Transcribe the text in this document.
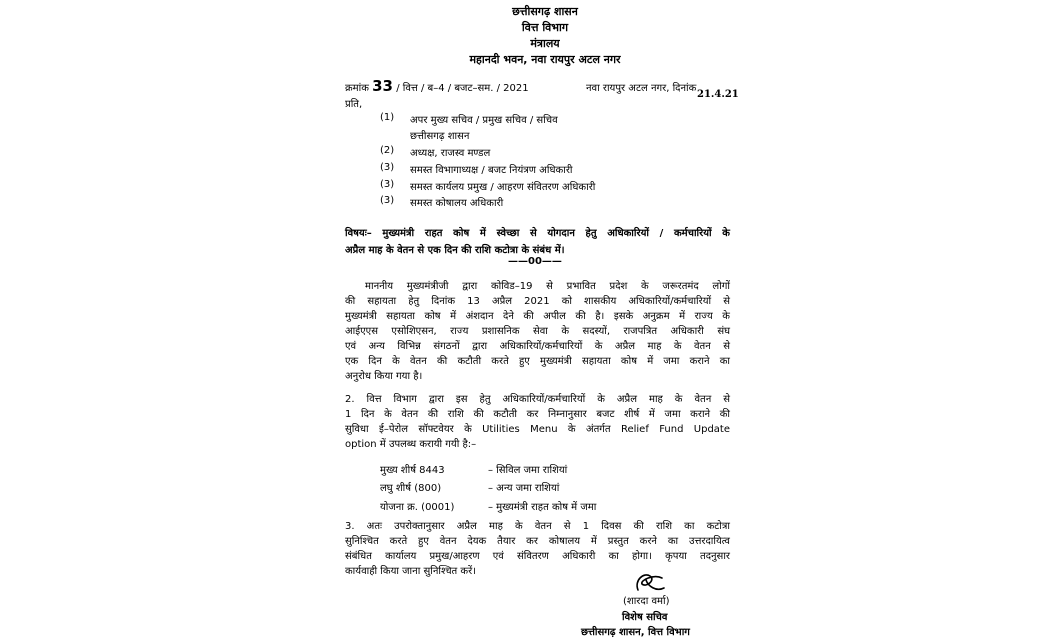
छत्तीसगढ़ शासन
वित्त विभाग
मंत्रालय
महानदी भवन, नवा रायपुर अटल नगर
क्रमांक 33 / वित्त / ब–4 / बजट–सम. / 2021	नवा रायपुर अटल नगर, दिनांक
21.4.21
प्रति,
(1) अपर मुख्य सचिव / प्रमुख सचिव / सचिव
छत्तीसगढ़ शासन
(2) अध्यक्ष, राजस्व मण्डल
(3) समस्त विभागाध्यक्ष / बजट नियंत्रण अधिकारी
(3) समस्त कार्यलय प्रमुख / आहरण संवितरण अधिकारी
(3) समस्त कोषालय अधिकारी
विषयः– मुख्यमंत्री राहत कोष में स्वेच्छा से योगदान हेतु अधिकारियों / कर्मचारियों के
अप्रैल माह के वेतन से एक दिन की राशि कटोत्रा के संबंध में।
——00——
माननीय मुख्यमंत्रीजी द्वारा कोविड–19 से प्रभावित प्रदेश के जरूरतमंद लोगों
की सहायता हेतु दिनांक 13 अप्रैल 2021 को शासकीय अधिकारियों/कर्मचारियों से
मुख्यमंत्री सहायता कोष में अंशदान देने की अपील की है। इसके अनुक्रम में राज्य के
आईएएस एसोशिएसन, राज्य प्रशासनिक सेवा के सदस्यों, राजपत्रित अधिकारी संघ
एवं अन्य विभिन्न संगठनों द्वारा अधिकारियों/कर्मचारियों के अप्रैल माह के वेतन से
एक दिन के वेतन की कटौती करते हुए मुख्यमंत्री सहायता कोष में जमा कराने का
अनुरोध किया गया है।
2. वित्त विभाग द्वारा इस हेतु अधिकारियों/कर्मचारियों के अप्रैल माह के वेतन से
1 दिन के वेतन की राशि की कटौती कर निम्नानुसार बजट शीर्ष में जमा कराने की
सुविधा ई–पेरोल सॉफ्टवेयर के Utilities Menu के अंतर्गत Relief Fund Update
option में उपलब्ध करायी गयी है:–
मुख्य शीर्ष 8443	– सिविल जमा राशियां
लघु शीर्ष (800)	– अन्य जमा राशियां
योजना क्र. (0001)	– मुख्यमंत्री राहत कोष में जमा
3. अतः उपरोक्तानुसार अप्रैल माह के वेतन से 1 दिवस की राशि का कटोत्रा
सुनिश्चित करते हुए वेतन देयक तैयार कर कोषालय में प्रस्तुत करने का उत्तरदायित्व
संबंधित कार्यालय प्रमुख/आहरण एवं संवितरण अधिकारी का होगा। कृपया तदनुसार
कार्यवाही किया जाना सुनिश्चित करें।
(शारदा वर्मा)
विशेष सचिव
छत्तीसगढ़ शासन, वित्त विभाग
